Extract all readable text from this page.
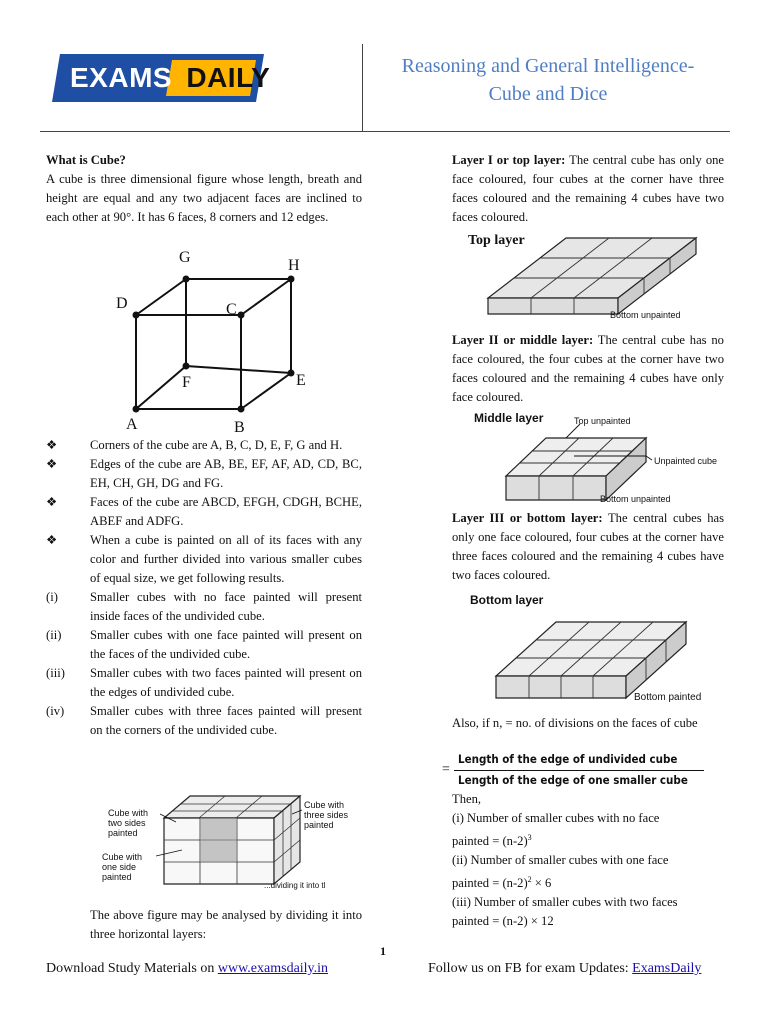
EXAMS DAILY	Reasoning and General Intelligence-
Cube and Dice
What is Cube?
A cube is three dimensional figure whose length, breath and height are equal and any two adjacent faces are inclined to each other at 90°. It has 6 faces, 8 corners and 12 edges.
G	H
D	C
F	E
A	B
❖	Corners of the cube are A, B, C, D, E, F, G and H.
❖	Edges of the cube are AB, BE, EF, AF, AD, CD, BC, EH, CH, GH, DG and FG.
❖	Faces of the cube are ABCD, EFGH, CDGH, BCHE, ABEF and ADFG.
❖	When a cube is painted on all of its faces with any color and further divided into various smaller cubes of equal size, we get following results.
(i)	Smaller cubes with no face painted will present inside faces of the undivided cube.
(ii) Smaller cubes with one face painted will present on the faces of the undivided cube.
(iii) Smaller cubes with two faces painted will present on the edges of undivided cube.
(iv) Smaller cubes with three faces painted will present on the corners of the undivided cube.
Cube with two sides painted
Cube with three sides painted
Cube with one side painted
...dividing it into tl
The above figure may be analysed by dividing it into three horizontal layers:
Layer I or top layer: The central cube has only one face coloured, four cubes at the corner have three faces coloured and the remaining 4 cubes have two faces coloured.
Top layer
Bottom unpainted
Layer II or middle layer: The central cube has no face coloured, the four cubes at the corner have two faces coloured and the remaining 4 cubes have only face coloured.
Middle layer	Top unpainted
Unpainted cube
Bottom unpainted
Layer III or bottom layer: The central cubes has only one face coloured, four cubes at the corner have three faces coloured and the remaining 4 cubes have two faces coloured.
Bottom layer
Bottom painted
Also, if n, = no. of divisions on the faces of cube
=
Length of the edge of undivided cube
Length of the edge of one smaller cube
Then,
(i) Number of smaller cubes with no face
painted = $(n-2)^3$
(ii) Number of smaller cubes with one face
painted = $(n-2)^2 \times 6$
(iii) Number of smaller cubes with two faces
painted = (n-2) × 12
1
Download Study Materials on www.examsdaily.in	Follow us on FB for exam Updates: ExamsDaily
